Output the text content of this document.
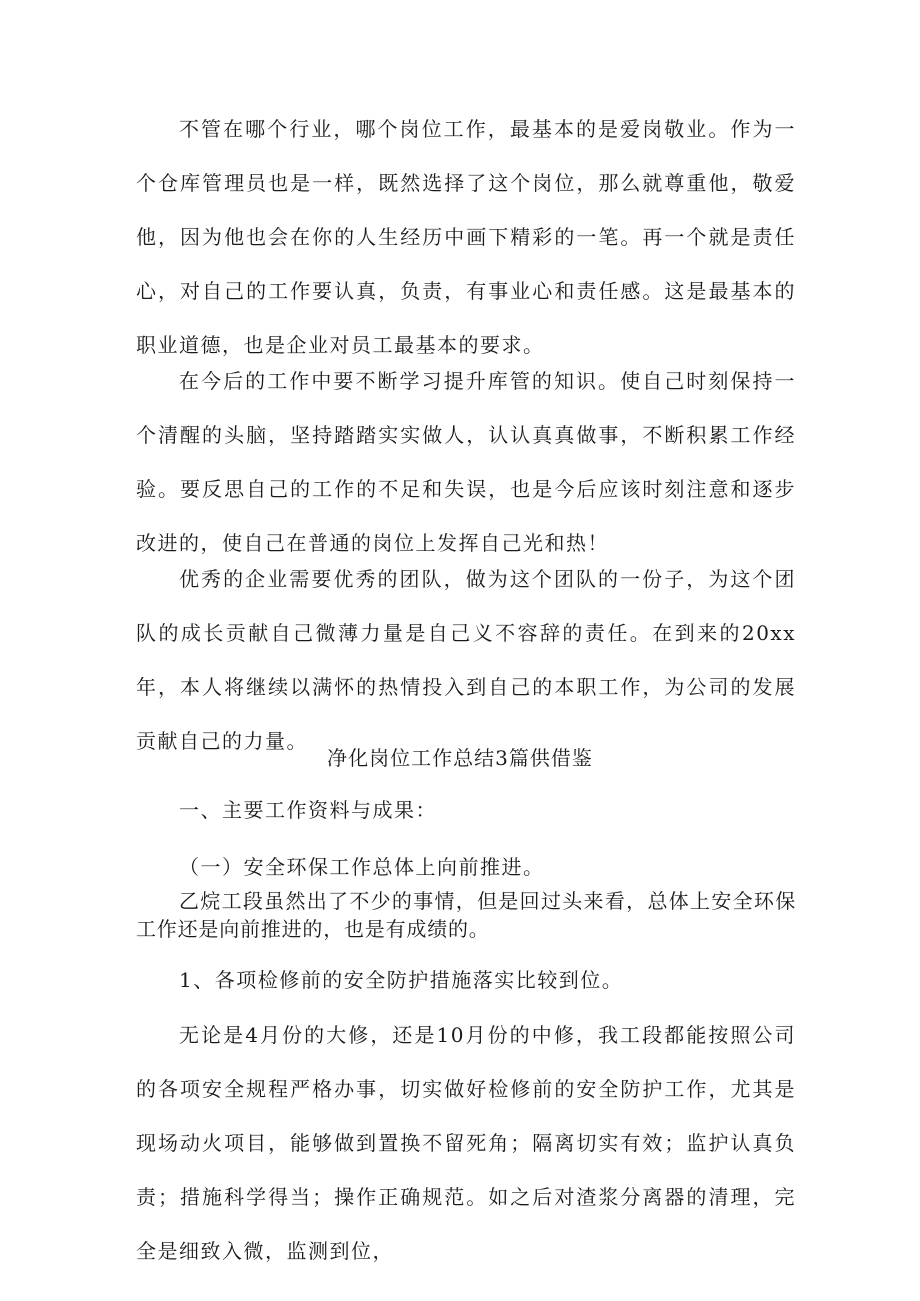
不管在哪个行业，哪个岗位工作，最基本的是爱岗敬业。作为一个仓库管理员也是一样，既然选择了这个岗位，那么就尊重他，敬爱他，因为他也会在你的人生经历中画下精彩的一笔。再一个就是责任心，对自己的工作要认真，负责，有事业心和责任感。这是最基本的职业道德，也是企业对员工最基本的要求。

在今后的工作中要不断学习提升库管的知识。使自己时刻保持一个清醒的头脑，坚持踏踏实实做人，认认真真做事，不断积累工作经验。要反思自己的工作的不足和失误，也是今后应该时刻注意和逐步改进的，使自己在普通的岗位上发挥自己光和热！

优秀的企业需要优秀的团队，做为这个团队的一份子，为这个团队的成长贡献自己微薄力量是自己义不容辞的责任。在到来的20xx年，本人将继续以满怀的热情投入到自己的本职工作，为公司的发展贡献自己的力量。

净化岗位工作总结3篇供借鉴

一、主要工作资料与成果：

（一）安全环保工作总体上向前推进。

乙烷工段虽然出了不少的事情，但是回过头来看，总体上安全环保工作还是向前推进的，也是有成绩的。

1、各项检修前的安全防护措施落实比较到位。

无论是4月份的大修，还是10月份的中修，我工段都能按照公司的各项安全规程严格办事，切实做好检修前的安全防护工作，尤其是现场动火项目，能够做到置换不留死角；隔离切实有效；监护认真负责；措施科学得当；操作正确规范。如之后对渣浆分离器的清理，完全是细致入微，监测到位，
